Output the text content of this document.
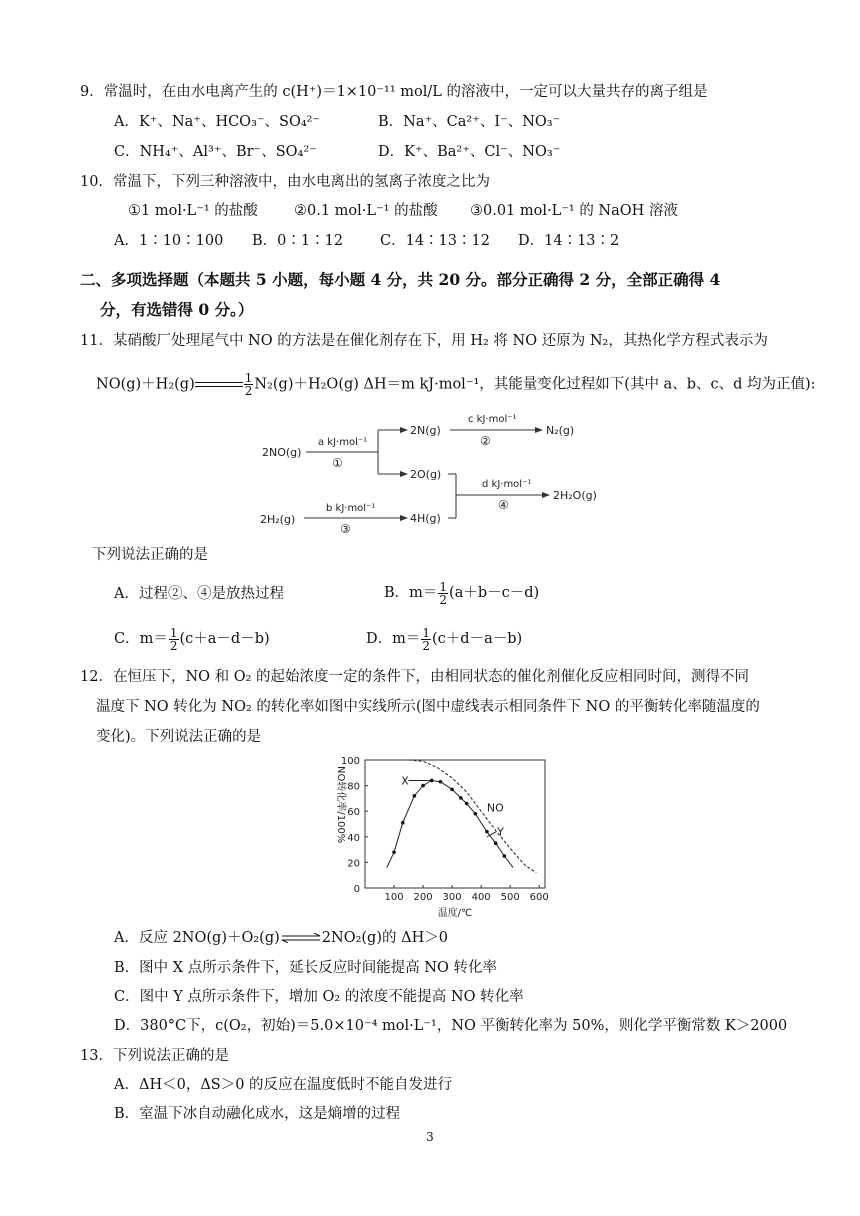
9．常温时，在由水电离产生的 c(H⁺)＝1×10⁻¹¹ mol/L 的溶液中，一定可以大量共存的离子组是
A．K⁺、Na⁺、HCO₃⁻、SO₄²⁻	B．Na⁺、Ca²⁺、I⁻、NO₃⁻
C．NH₄⁺、Al³⁺、Br⁻、SO₄²⁻	D．K⁺、Ba²⁺、Cl⁻、NO₃⁻
10．常温下，下列三种溶液中，由水电离出的氢离子浓度之比为
①1 mol·L⁻¹ 的盐酸 ②0.1 mol·L⁻¹ 的盐酸 ③0.01 mol·L⁻¹ 的 NaOH 溶液
A．1∶10∶100 B．0∶1∶12	C．14∶13∶12 D．14∶13∶2
二、多项选择题（本题共 5 小题，每小题 4 分，共 20 分。部分正确得 2 分，全部正确得 4
分，有选错得 0 分。）
11．某硝酸厂处理尾气中 NO 的方法是在催化剂存在下，用 H₂ 将 NO 还原为 N₂，其热化学方程式表示为
NO(g)＋H₂(g)	$\frac{1}{2} N_2(g)+H_2O(g)$ ΔH＝m kJ·mol⁻¹，其能量变化过程如下(其中 a、b、c、d 均为正值):
2NO(g)
2H₂(g)
2N(g)
2O(g)
4H(g)
N₂(g)
2H₂O(g)
a kJ·mol⁻¹
b kJ·mol⁻¹
c kJ·mol⁻¹
d kJ·mol⁻¹
①
②
③
④
下列说法正确的是
A．过程②、④是放热过程	B．$m= \frac{1}{2} (a+b-c-d)$
C．$m= \frac{1}{2} (c+a-d-b)$	D．$m= \frac{1}{2} (c+d-a-b)$
12．在恒压下，NO 和 O₂ 的起始浓度一定的条件下，由相同状态的催化剂催化反应相同时间，测得不同
温度下 NO 转化为 NO₂ 的转化率如图中实线所示(图中虚线表示相同条件下 NO 的平衡转化率随温度的
变化)。下列说法正确的是
0
20
40
60
80
100
100 200 300 400 500 600
温度/℃
NO转化率/100%	X
Y
NO
A．反应 2NO(g)＋O₂(g)⇌2NO₂(g)的 ΔH＞0
B．图中 X 点所示条件下，延长反应时间能提高 NO 转化率
C．图中 Y 点所示条件下，增加 O₂ 的浓度不能提高 NO 转化率
D．380°C下，c(O₂，初始)＝5.0×10⁻⁴ mol·L⁻¹，NO 平衡转化率为 50%，则化学平衡常数 K＞2000
13．下列说法正确的是
A．ΔH＜0，ΔS＞0 的反应在温度低时不能自发进行
B．室温下冰自动融化成水，这是熵增的过程
3
